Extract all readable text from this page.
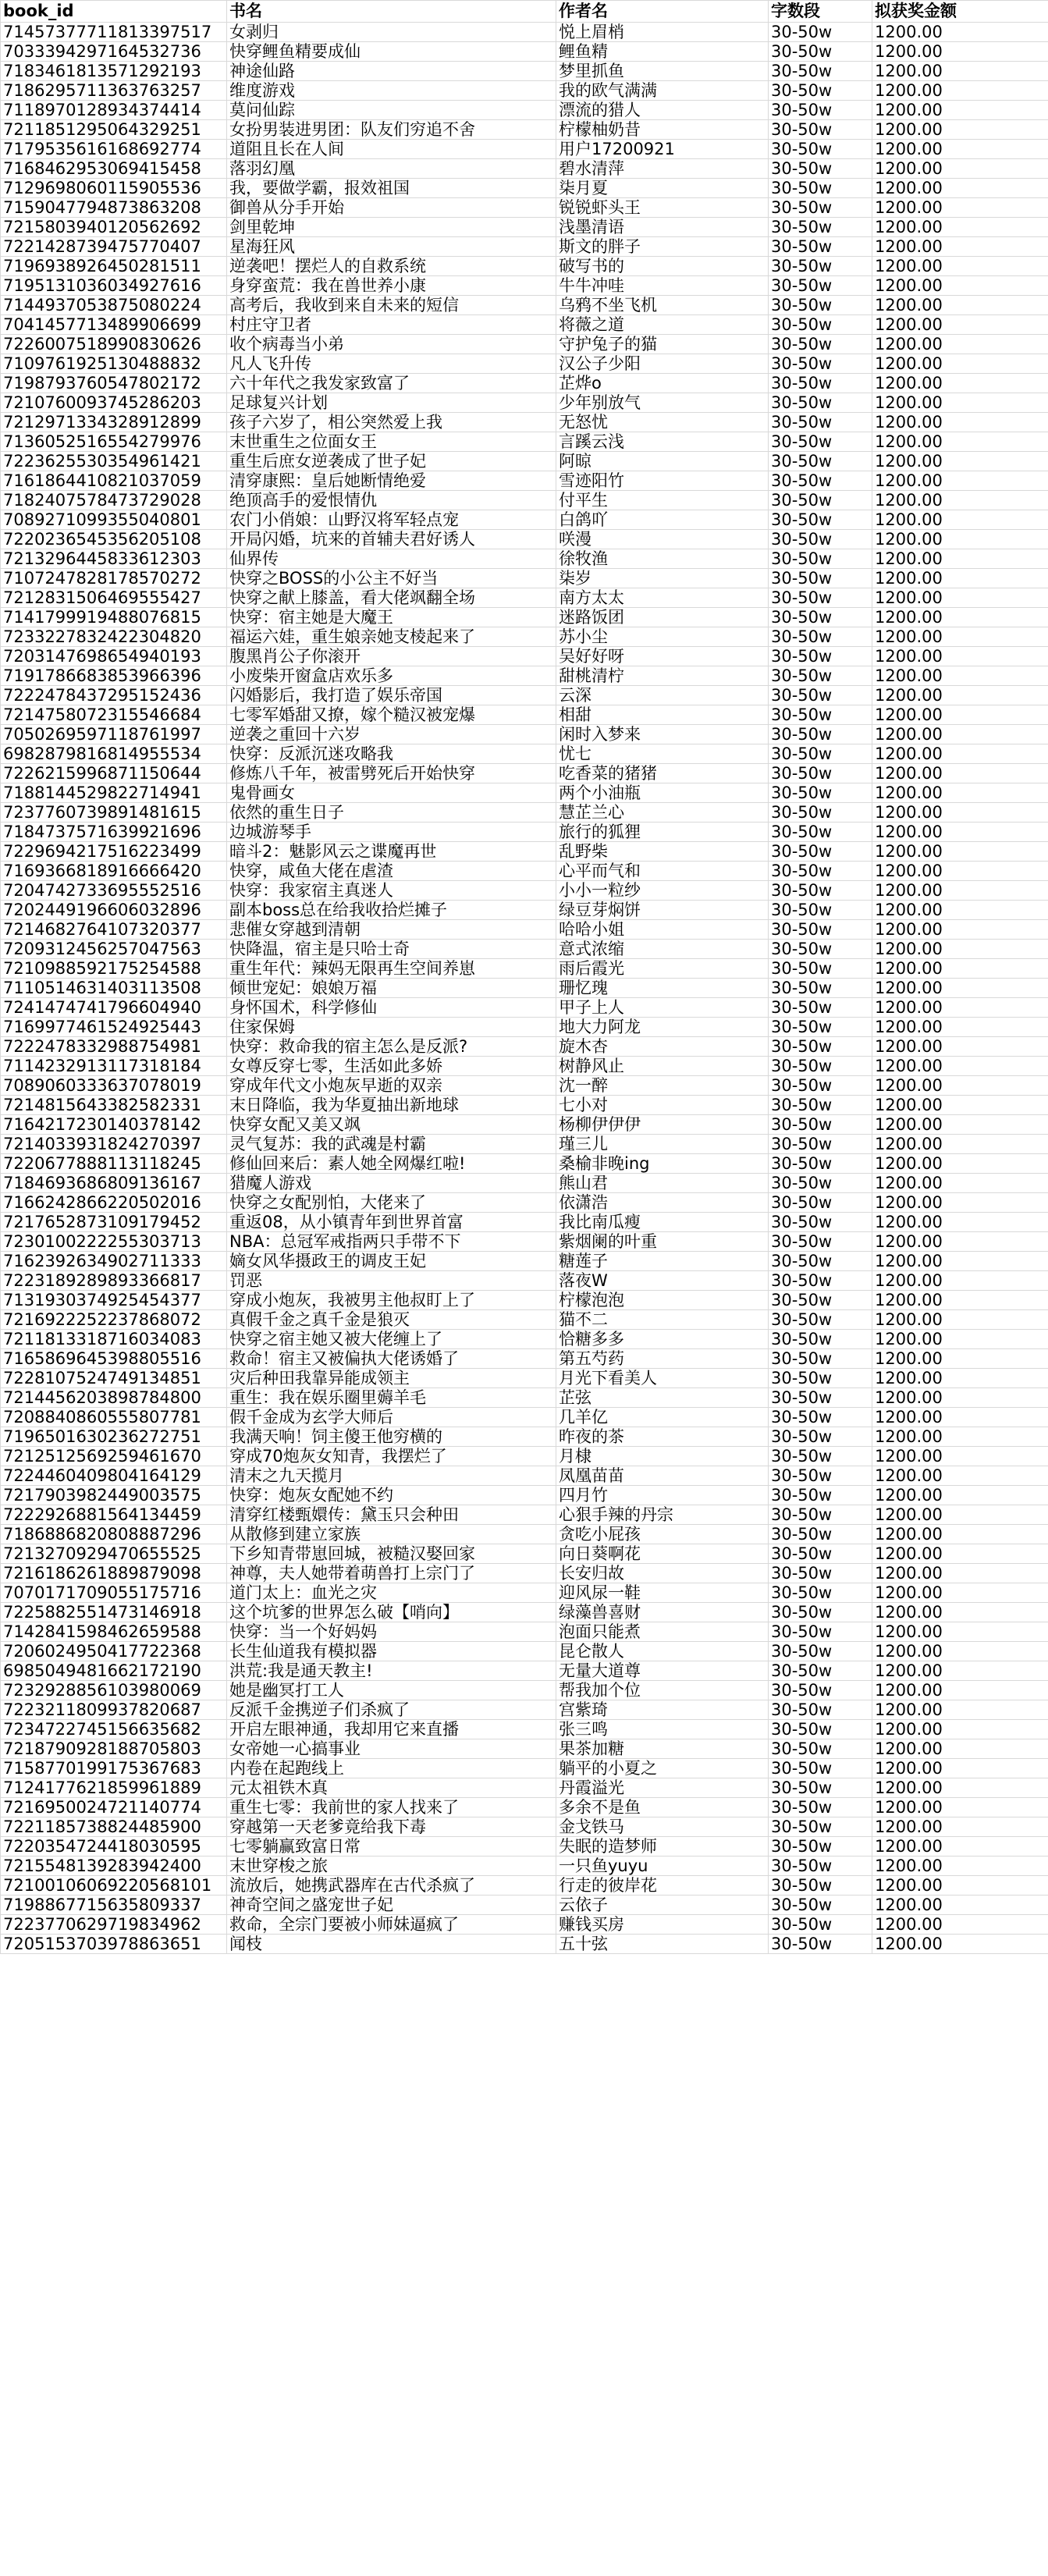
book_id	书名	作者名	字数段	拟获奖金额
7145737771181339751​7	女剥归	悦上眉梢	30-50w	1200.00
7033394297164532736	快穿鲤鱼精要成仙	鲤鱼精	30-50w	1200.00
7183461813571292193	神途仙路	梦里抓鱼	30-50w	1200.00
7186295711363763257	维度游戏	我的欧气满满	30-50w	1200.00
7118970128934374414	莫问仙踪	漂流的猎人	30-50w	1200.00
7211851295064329251	女扮男装进男团：队友们穷追不舍	柠檬柚奶昔	30-50w	1200.00
7179535616168692774	道阻且长在人间	用户17200921	30-50w	1200.00
7168462953069415458	落羽幻凰	碧水清萍	30-50w	1200.00
7129698060115905536	我，要做学霸，报效祖国	柒月夏	30-50w	1200.00
7159047794873863208	御兽从分手开始	锐锐虾头王	30-50w	1200.00
7215803940120562692	剑里乾坤	浅墨清语	30-50w	1200.00
7221428739475770407	星海狂风	斯文的胖子	30-50w	1200.00
7196938926450281511	逆袭吧！摆烂人的自救系统	破写书的	30-50w	1200.00
7195131036034927616	身穿蛮荒：我在兽世养小康	牛牛冲哇	30-50w	1200.00
7144937053875080224	高考后，我收到来自未来的短信	乌鸦不坐飞机	30-50w	1200.00
7041457713489906699	村庄守卫者	将薇之道	30-50w	1200.00
7226007518990830626	收个病毒当小弟	守护兔子的猫	30-50w	1200.00
7109761925130488832	凡人飞升传	汉公子少阳	30-50w	1200.00
7198793760547802172	六十年代之我发家致富了	芷烨o	30-50w	1200.00
7210760093745286203	足球复兴计划	少年别放气	30-50w	1200.00
7212971334328912899	孩子六岁了，相公突然爱上我	无怒忧	30-50w	1200.00
7136052516554279976	末世重生之位面女王	言蹊云浅	30-50w	1200.00
7223625530354961421	重生后庶女逆袭成了世子妃	阿晾	30-50w	1200.00
7161864410821037059	清穿康熙：皇后她断情绝爱	雪迹阳竹	30-50w	1200.00
7182407578473729028	绝顶高手的爱恨情仇	付平生	30-50w	1200.00
7089271099355040801	农门小俏娘：山野汉将军轻点宠	白鸽吖	30-50w	1200.00
7220236545356205108	开局闪婚，坑来的首辅夫君好诱人	咲漫	30-50w	1200.00
7213296445833612303	仙界传	徐牧渔	30-50w	1200.00
7107247828178570272	快穿之BOSS的小公主不好当	柒岁	30-50w	1200.00
7212831506469555427	快穿之献上膝盖，看大佬飒翻全场	南方太太	30-50w	1200.00
7141799919488076815	快穿：宿主她是大魔王	迷路饭团	30-50w	1200.00
7233227832422304820	福运六娃，重生娘亲她支棱起来了	苏小尘	30-50w	1200.00
7203147698654940193	腹黑肖公子你滚开	吴好好呀	30-50w	1200.00
7191786683853966396	小废柴开窗盒店欢乐多	甜桃清柠	30-50w	1200.00
7222478437295152436	闪婚影后，我打造了娱乐帝国	云深	30-50w	1200.00
7214758072315546684	七零军婚甜又撩，嫁个糙汉被宠爆	相甜	30-50w	1200.00
7050269597118761997	逆袭之重回十六岁	闲时入梦来	30-50w	1200.00
6982879816814955534	快穿：反派沉迷攻略我	忧七	30-50w	1200.00
7226215996871150644	修炼八千年，被雷劈死后开始快穿	吃香菜的猪猪	30-50w	1200.00
7188144529822714941	鬼骨画女	两个小油瓶	30-50w	1200.00
7237760739891481615	依然的重生日子	慧芷兰心	30-50w	1200.00
7184737571639921696	边城游琴手	旅行的狐狸	30-50w	1200.00
7229694217516223499	暗斗2：魅影风云之谍魔再世	乱野柴	30-50w	1200.00
7169366818916666420	快穿，咸鱼大佬在虐渣	心平而气和	30-50w	1200.00
7204742733695552516	快穿：我家宿主真迷人	小小一粒纱	30-50w	1200.00
7202449196606032896	副本boss总在给我收拾烂摊子	绿豆芽焖饼	30-50w	1200.00
7214682764107320377	悲催女穿越到清朝	哈哈小姐	30-50w	1200.00
7209312456257047563	快降温，宿主是只哈士奇	意式浓缩	30-50w	1200.00
7210988592175254588	重生年代：辣妈无限再生空间养崽	雨后霞光	30-50w	1200.00
7110514631403113508	倾世宠妃：娘娘万福	珊忆瑰	30-50w	1200.00
7241474741796604940	身怀国术，科学修仙	甲子上人	30-50w	1200.00
7169977461524925443	住家保姆	地大力阿龙	30-50w	1200.00
7222478332988754981	快穿：救命我的宿主怎么是反派?	旋木杏	30-50w	1200.00
7114232913117318184	女尊反穿七零，生活如此多娇	树静风止	30-50w	1200.00
7089060333637078019	穿成年代文小炮灰早逝的双亲	沈一醉	30-50w	1200.00
7214815643382582331	末日降临，我为华夏抽出新地球	七小对	30-50w	1200.00
7164217230140378142	快穿女配又美又飒	杨柳伊伊伊	30-50w	1200.00
7214033931824270397	灵气复苏：我的武魂是村霸	瑾三儿	30-50w	1200.00
7220677888113118245	修仙回来后：素人她全网爆红啦!	桑榆非晚ing	30-50w	1200.00
7184693686809136167	猎魔人游戏	熊山君	30-50w	1200.00
7166242866220502016	快穿之女配别怕，大佬来了	依潇浩	30-50w	1200.00
7217652873109179452	重返08，从小镇青年到世界首富	我比南瓜瘦	30-50w	1200.00
7230100222255303713	NBA：总冠军戒指两只手带不下	紫烟阑的叶重	30-50w	1200.00
7162392634902711333	嫡女风华摄政王的调皮王妃	糖莲子	30-50w	1200.00
7223189289893366817	罚恶	落夜W	30-50w	1200.00
7131930374925454377	穿成小炮灰，我被男主他叔盯上了	柠檬泡泡	30-50w	1200.00
7216922252237868072	真假千金之真千金是狼灭	猫不二	30-50w	1200.00
7211813318716034083	快穿之宿主她又被大佬缠上了	恰糖多多	30-50w	1200.00
7165869645398805516	救命！宿主又被偏执大佬诱婚了	第五芍药	30-50w	1200.00
7228107524749134851	灾后种田我靠异能成领主	月光下看美人	30-50w	1200.00
7214456203898784800	重生：我在娱乐圈里薅羊毛	芷弦	30-50w	1200.00
7208840860555807781	假千金成为玄学大师后	几羊亿	30-50w	1200.00
7196501630236272751	我满天响！饲主傻王他穷横的	昨夜的茶	30-50w	1200.00
7212512569259461670	穿成70炮灰女知青，我摆烂了	月棣	30-50w	1200.00
7224460409804164129	清末之九天揽月	凤凰苗苗	30-50w	1200.00
7217903982449003575	快穿：炮灰女配她不约	四月竹	30-50w	1200.00
7222926881564134459	清穿红楼甄嬛传：黛玉只会种田	心狠手辣的丹宗	30-50w	1200.00
7186886820808887296	从散修到建立家族	贪吃小屁孩	30-50w	1200.00
7213270929470655525	下乡知青带崽回城，被糙汉娶回家	向日葵啊花	30-50w	1200.00
7216186261889879098	神尊，夫人她带着萌兽打上宗门了	长安归故	30-50w	1200.00
7070171709055175716	道门太上：血光之灾	迎风尿一鞋	30-50w	1200.00
7225882551473146918	这个坑爹的世界怎么破【哨向】	绿藻兽喜财	30-50w	1200.00
7142841598462659588	快穿：当一个好妈妈	泡面只能煮	30-50w	1200.00
7206024950417722368	长生仙道我有模拟器	昆仑散人	30-50w	1200.00
6985049481662172190	洪荒:我是通天教主!	无量大道尊	30-50w	1200.00
7232928856103980069	她是幽冥打工人	帮我加个位	30-50w	1200.00
7223211809937820687	反派千金携逆子们杀疯了	宫紫琦	30-50w	1200.00
7234722745156635682	开启左眼神通，我却用它来直播	张三鸣	30-50w	1200.00
7218790928188705803	女帝她一心搞事业	果茶加糖	30-50w	1200.00
7158770199175367683	内卷在起跑线上	躺平的小夏之	30-50w	1200.00
7124177621859961889	元太祖铁木真	丹霞溢光	30-50w	1200.00
7216950024721140774	重生七零：我前世的家人找来了	多余不是鱼	30-50w	1200.00
7221185738824485900	穿越第一天老爹竟给我下毒	金戈铁马	30-50w	1200.00
7220354724418030595	七零躺赢致富日常	失眠的造梦师	30-50w	1200.00
7215548139283942400	末世穿梭之旅	一只鱼yuyu	30-50w	1200.00
7210010606922056810​1	流放后，她携武器库在古代杀疯了	行走的彼岸花	30-50w	1200.00
7198867715635809337	神奇空间之盛宠世子妃	云依子	30-50w	1200.00
7223770629719834962	救命，全宗门要被小师妹逼疯了	赚钱买房	30-50w	1200.00
7205153703978863651	闻枝	五十弦	30-50w	1200.00
